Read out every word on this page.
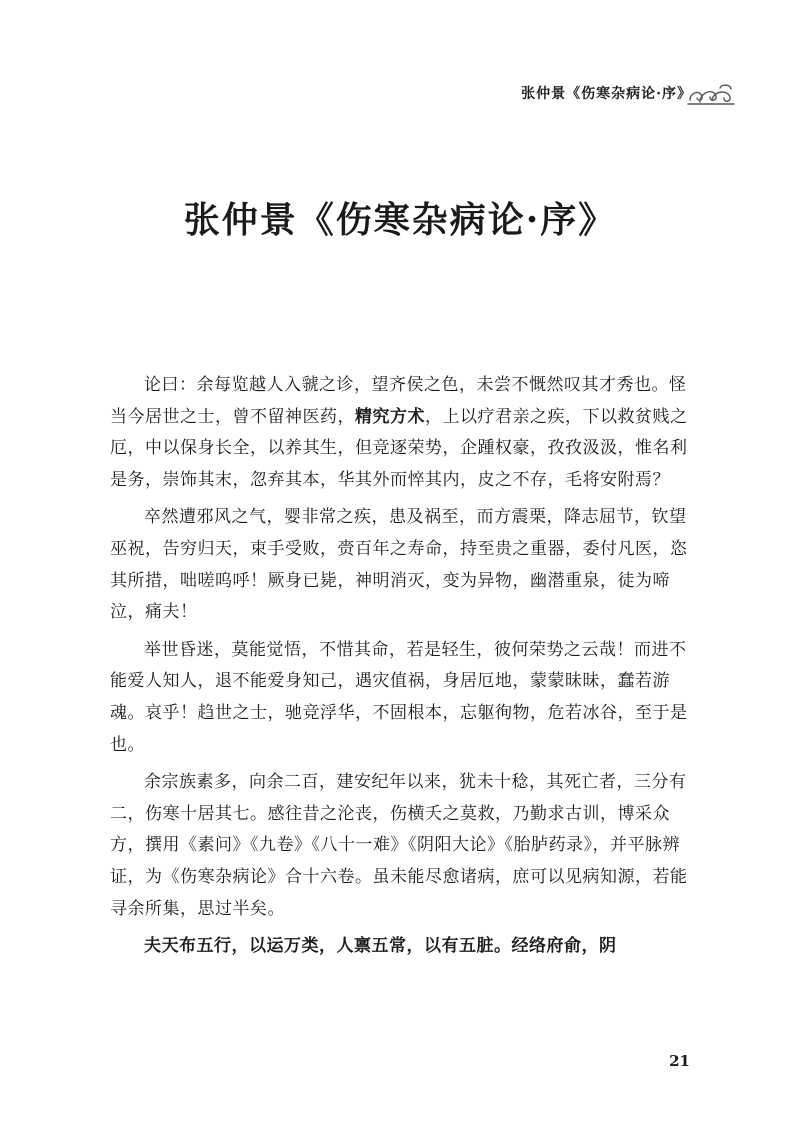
张仲景《伤寒杂病论·序》
张仲景《伤寒杂病论·序》

论曰：余每览越人入虢之诊，望齐侯之色，未尝不慨然叹其才秀也。怪当今居世之士，曾不留神医药，精究方术，上以疗君亲之疾，下以救贫贱之厄，中以保身长全，以养其生，但竞逐荣势，企踵权豪，孜孜汲汲，惟名利是务，崇饰其末，忽弃其本，华其外而悴其内，皮之不存，毛将安附焉？

卒然遭邪风之气，婴非常之疾，患及祸至，而方震栗，降志屈节，钦望巫祝，告穷归天，束手受败，赍百年之寿命，持至贵之重器，委付凡医，恣其所措，咄嗟呜呼！厥身已毙，神明消灭，变为异物，幽潜重泉，徒为啼泣，痛夫！

举世昏迷，莫能觉悟，不惜其命，若是轻生，彼何荣势之云哉！而进不能爱人知人，退不能爱身知己，遇灾值祸，身居厄地，蒙蒙昧昧，蠢若游魂。哀乎！趋世之士，驰竞浮华，不固根本，忘躯徇物，危若冰谷，至于是也。

余宗族素多，向余二百，建安纪年以来，犹未十稔，其死亡者，三分有二，伤寒十居其七。感往昔之沦丧，伤横夭之莫救，乃勤求古训，博采众方，撰用《素问》《九卷》《八十一难》《阴阳大论》《胎胪药录》，并平脉辨证，为《伤寒杂病论》合十六卷。虽未能尽愈诸病，庶可以见病知源，若能寻余所集，思过半矣。

夫天布五行，以运万类，人禀五常，以有五脏。经络府俞，阴

21
